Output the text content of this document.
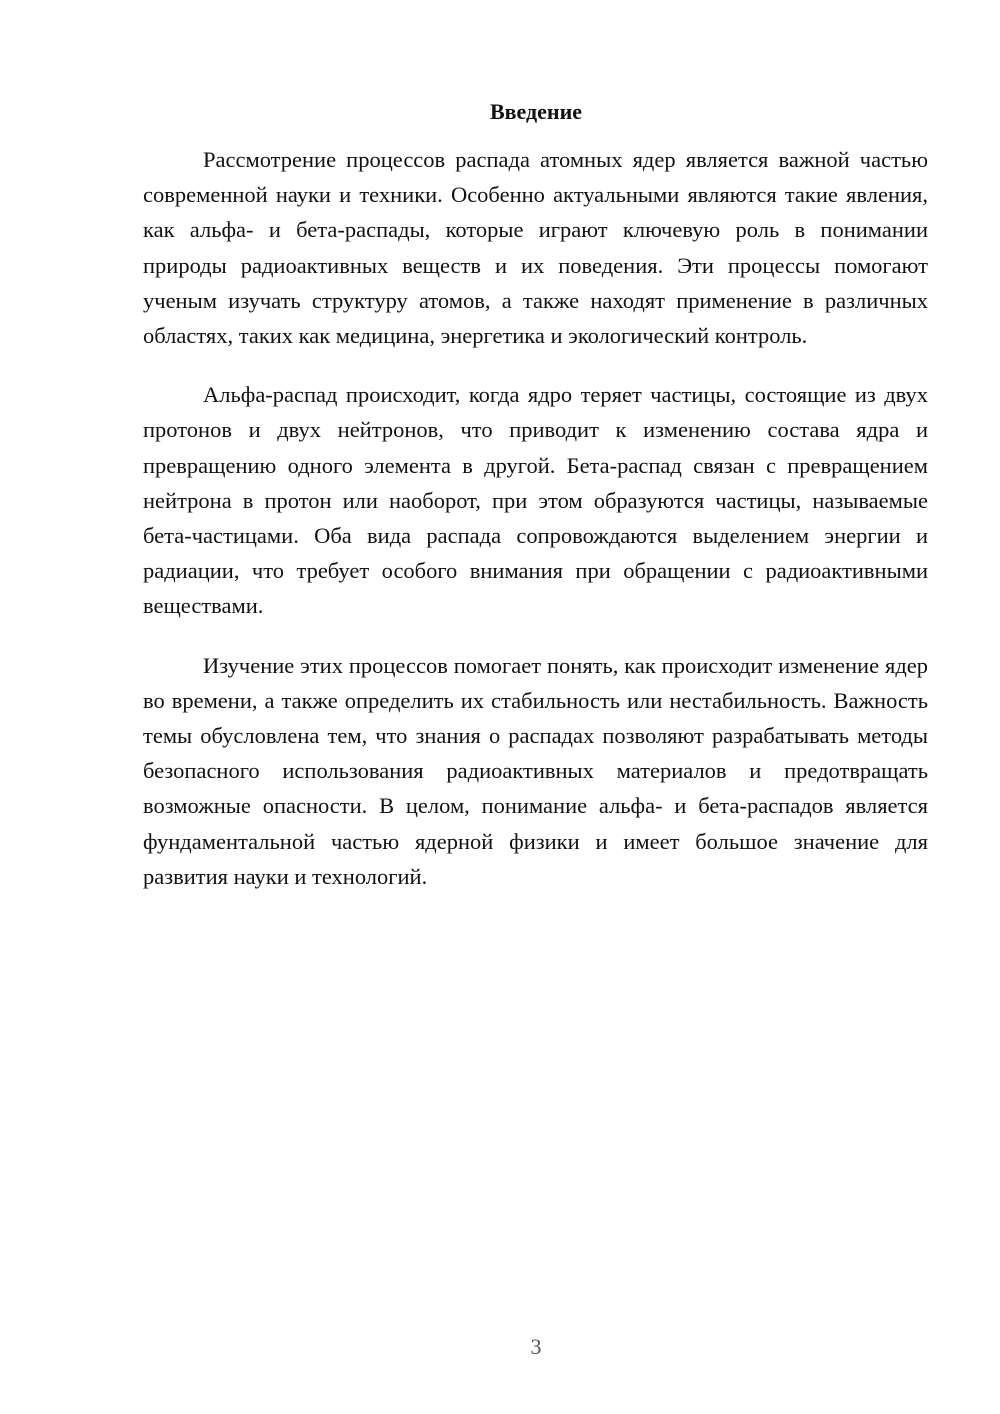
Введение

Рассмотрение процессов распада атомных ядер является важной частью современной науки и техники. Особенно актуальными являются такие явления, как альфа- и бета-распады, которые играют ключевую роль в понимании природы радиоактивных веществ и их поведения. Эти процессы помогают ученым изучать структуру атомов, а также находят применение в различных областях, таких как медицина, энергетика и экологический контроль.

Альфа-распад происходит, когда ядро теряет частицы, состоящие из двух протонов и двух нейтронов, что приводит к изменению состава ядра и превращению одного элемента в другой. Бета-распад связан с превращением нейтрона в протон или наоборот, при этом образуются частицы, называемые бета-частицами. Оба вида распада сопровождаются выделением энергии и радиации, что требует особого внимания при обращении с радиоактивными веществами.

Изучение этих процессов помогает понять, как происходит изменение ядер во времени, а также определить их стабильность или нестабильность. Важность темы обусловлена тем, что знания о распадах позволяют разрабатывать методы безопасного использования радиоактивных материалов и предотвращать возможные опасности. В целом, понимание альфа- и бета-распадов является фундаментальной частью ядерной физики и имеет большое значение для развития науки и технологий.

3
